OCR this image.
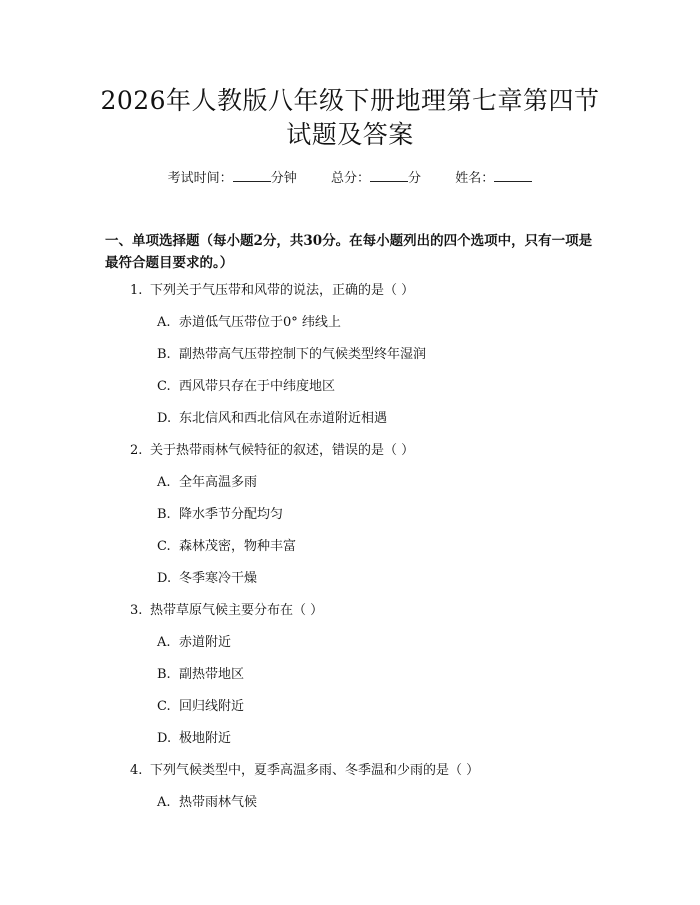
2026年人教版八年级下册地理第七章第四节
试题及答案
考试时间：	分钟	总分：	分	姓名：
一、单项选择题（每小题2分，共30分。在每小题列出的四个选项中，只有一项是最符合题目要求的。）
1. 下列关于气压带和风带的说法，正确的是（ ）
A. 赤道低气压带位于0° 纬线上
B. 副热带高气压带控制下的气候类型终年湿润
C. 西风带只存在于中纬度地区
D. 东北信风和西北信风在赤道附近相遇
2. 关于热带雨林气候特征的叙述，错误的是（ ）
A. 全年高温多雨
B. 降水季节分配均匀
C. 森林茂密，物种丰富
D. 冬季寒冷干燥
3. 热带草原气候主要分布在（ ）
A. 赤道附近
B. 副热带地区
C. 回归线附近
D. 极地附近
4. 下列气候类型中，夏季高温多雨、冬季温和少雨的是（ ）
A. 热带雨林气候
